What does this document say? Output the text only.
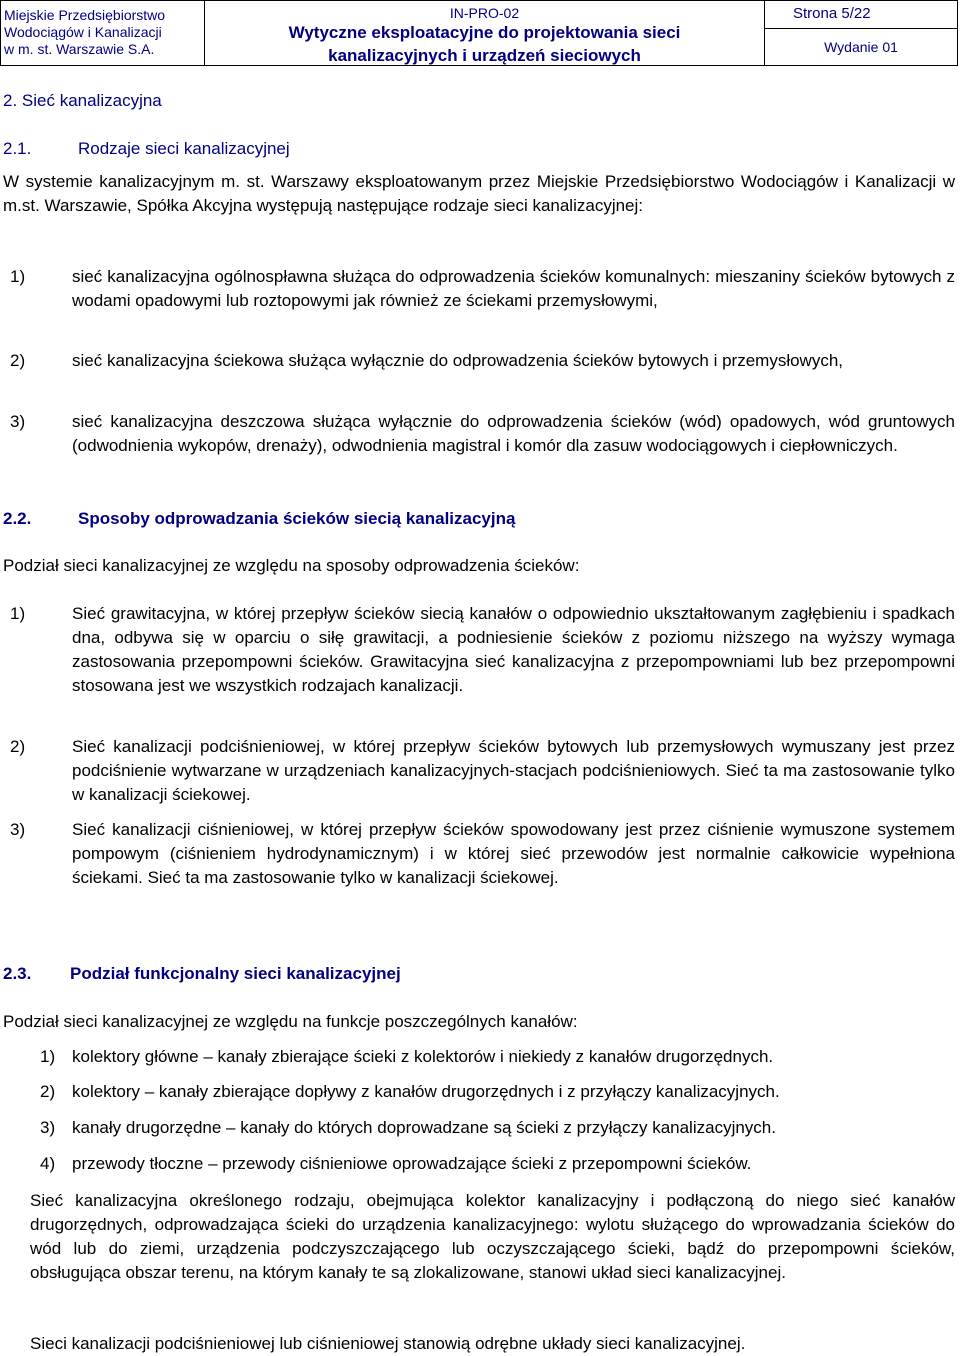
Miejskie Przedsiębiorstwo
Wodociągów i Kanalizacji
w m. st. Warszawie S.A.
IN-PRO-02
Wytyczne eksploatacyjne do projektowania sieci
kanalizacyjnych i urządzeń sieciowych
Strona 5/22
Wydanie 01
2. Sieć kanalizacyjna
2.1.	Rodzaje sieci kanalizacyjnej
W systemie kanalizacyjnym m. st. Warszawy eksploatowanym przez Miejskie Przedsiębiorstwo Wodociągów i Kanalizacji w m.st. Warszawie, Spółka Akcyjna występują następujące rodzaje sieci kanalizacyjnej:
1)	sieć kanalizacyjna ogólnospławna służąca do odprowadzenia ścieków komunalnych: mieszaniny ścieków bytowych z wodami opadowymi lub roztopowymi jak również ze ściekami przemysłowymi,
2)	sieć kanalizacyjna ściekowa służąca wyłącznie do odprowadzenia ścieków bytowych i przemysłowych,
3)	sieć kanalizacyjna deszczowa służąca wyłącznie do odprowadzenia ścieków (wód) opadowych, wód gruntowych (odwodnienia wykopów, drenaży), odwodnienia magistral i komór dla zasuw wodociągowych i ciepłowniczych.
2.2.	Sposoby odprowadzania ścieków siecią kanalizacyjną
Podział sieci kanalizacyjnej ze względu na sposoby odprowadzenia ścieków:
1)	Sieć grawitacyjna, w której przepływ ścieków siecią kanałów o odpowiednio ukształtowanym zagłębieniu i spadkach dna, odbywa się w oparciu o siłę grawitacji, a podniesienie ścieków z poziomu niższego na wyższy wymaga zastosowania przepompowni ścieków. Grawitacyjna sieć kanalizacyjna z przepompowniami lub bez przepompowni stosowana jest we wszystkich rodzajach kanalizacji.
2)	Sieć kanalizacji podciśnieniowej, w której przepływ ścieków bytowych lub przemysłowych wymuszany jest przez podciśnienie wytwarzane w urządzeniach kanalizacyjnych-stacjach podciśnieniowych. Sieć ta ma zastosowanie tylko w kanalizacji ściekowej.
3)	Sieć kanalizacji ciśnieniowej, w której przepływ ścieków spowodowany jest przez ciśnienie wymuszone systemem pompowym (ciśnieniem hydrodynamicznym) i w której sieć przewodów jest normalnie całkowicie wypełniona ściekami. Sieć ta ma zastosowanie tylko w kanalizacji ściekowej.
2.3. Podział funkcjonalny sieci kanalizacyjnej
Podział sieci kanalizacyjnej ze względu na funkcje poszczególnych kanałów:
1) kolektory główne – kanały zbierające ścieki z kolektorów i niekiedy z kanałów drugorzędnych.
2) kolektory – kanały zbierające dopływy z kanałów drugorzędnych i z przyłączy kanalizacyjnych.
3) kanały drugorzędne – kanały do których doprowadzane są ścieki z przyłączy kanalizacyjnych.
4) przewody tłoczne – przewody ciśnieniowe oprowadzające ścieki z przepompowni ścieków.
Sieć kanalizacyjna określonego rodzaju, obejmująca kolektor kanalizacyjny i podłączoną do niego sieć kanałów drugorzędnych, odprowadzająca ścieki do urządzenia kanalizacyjnego: wylotu służącego do wprowadzania ścieków do wód lub do ziemi, urządzenia podczyszczającego lub oczyszczającego ścieki, bądź do przepompowni ścieków, obsługująca obszar terenu, na którym kanały te są zlokalizowane, stanowi układ sieci kanalizacyjnej.
Sieci kanalizacji podciśnieniowej lub ciśnieniowej stanowią odrębne układy sieci kanalizacyjnej.
